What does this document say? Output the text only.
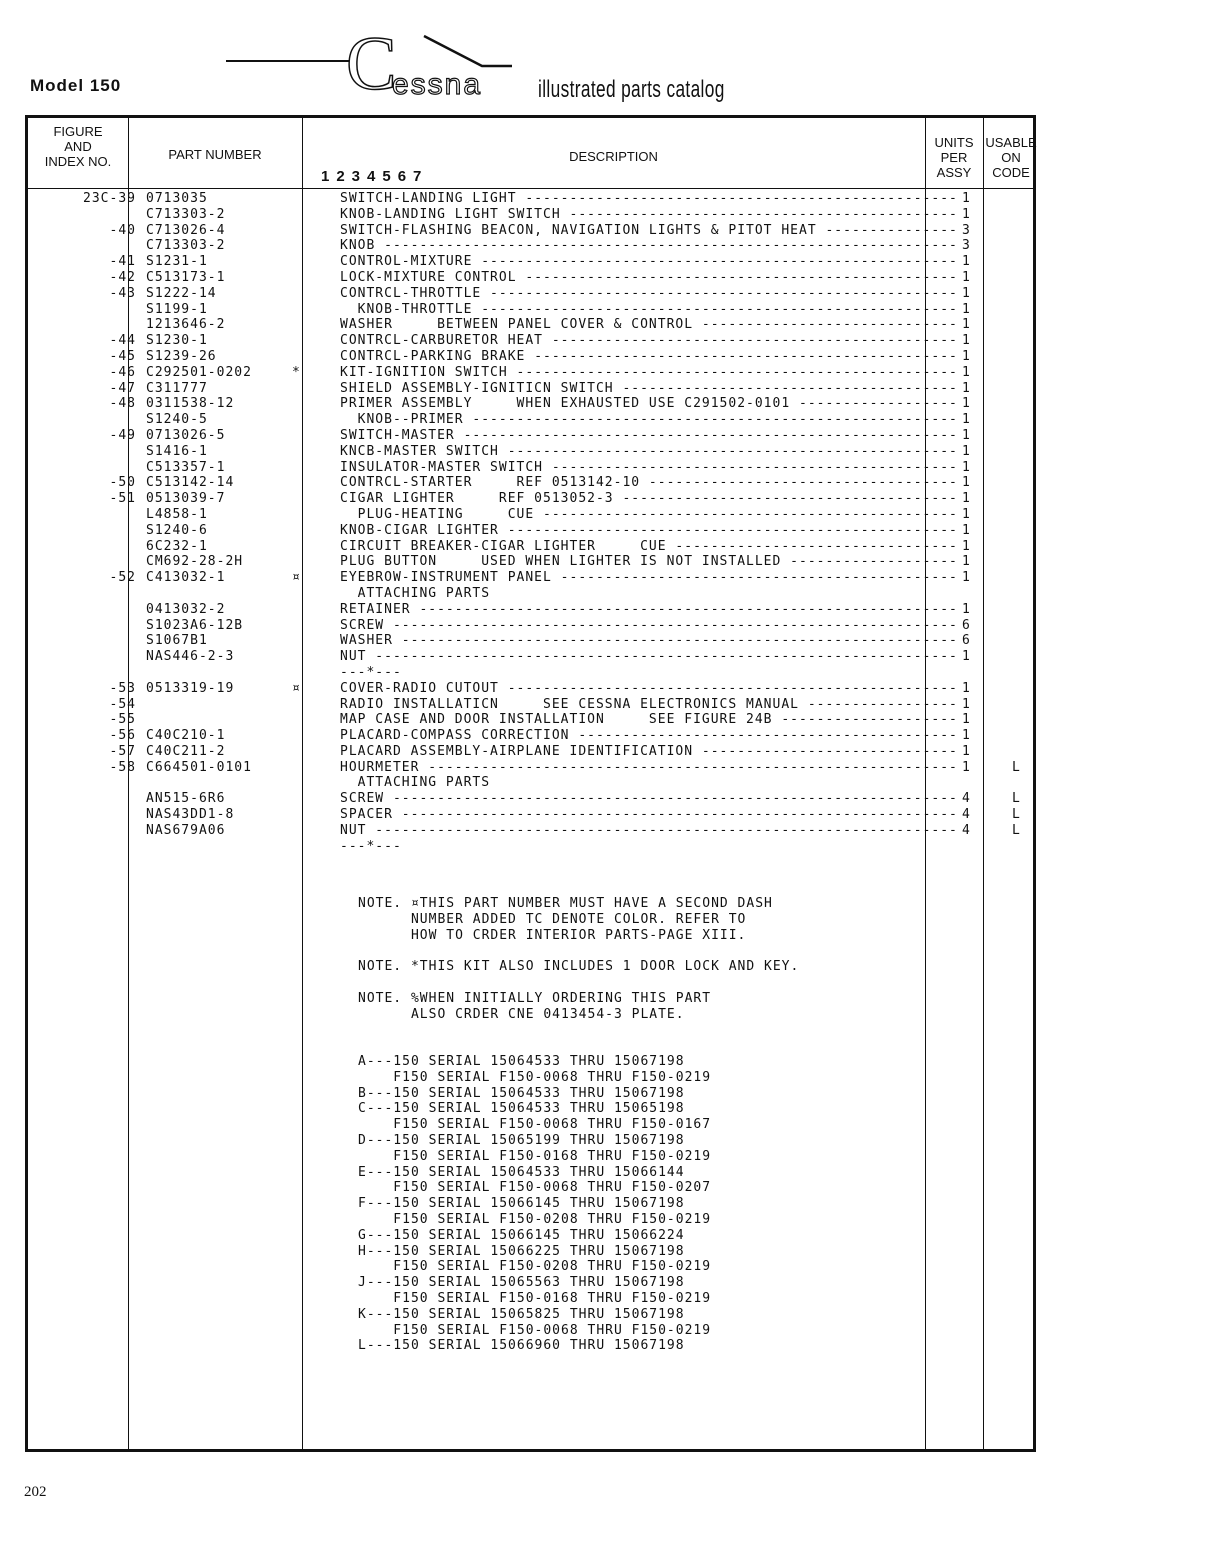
Model 150	C
essna illustrated parts catalog
FIGURE AND INDEX NO.	PART NUMBER	DESCRIPTION
1234567
UNITS PER ASSY
USABLE ON CODE
23C-39 0713035	SWITCH-LANDING LIGHT ------------------------------------------------- 1
C713303-2	KNOB-LANDING LIGHT SWITCH -------------------------------------------- 1
-40 C713026-4	SWITCH-FLASHING BEACON, NAVIGATION LIGHTS & PITOT HEAT --------------- 3
C713303-2	KNOB ----------------------------------------------------------------- 3
-41 S1231-1	CONTROL-MIXTURE ------------------------------------------------------ 1
-42 C513173-1	LOCK-MIXTURE CONTROL ------------------------------------------------- 1
-43 S1222-14	CONTRCL-THROTTLE ----------------------------------------------------- 1
S1199-1	KNOB-THROTTLE ------------------------------------------------------ 1
1213646-2	WASHER     BETWEEN PANEL COVER & CONTROL ----------------------------- 1
-44 S1230-1	CONTRCL-CARBURETOR HEAT ---------------------------------------------- 1
-45 S1239-26	CONTRCL-PARKING BRAKE ------------------------------------------------ 1
-46 C292501-0202	*	KIT-IGNITION SWITCH -------------------------------------------------- 1
-47 C311777	SHIELD ASSEMBLY-IGNITICN SWITCH -------------------------------------- 1
-48 0311538-12	PRIMER ASSEMBLY     WHEN EXHAUSTED USE C291502-0101 ------------------ 1
S1240-5	KNOB--PRIMER ------------------------------------------------------- 1
-49 0713026-5	SWITCH-MASTER -------------------------------------------------------- 1
S1416-1	KNCB-MASTER SWITCH --------------------------------------------------- 1
C513357-1	INSULATOR-MASTER SWITCH ---------------------------------------------- 1
-50 C513142-14	CONTRCL-STARTER     REF 0513142-10 ----------------------------------- 1
-51 0513039-7	CIGAR LIGHTER     REF 0513052-3 -------------------------------------- 1
L4858-1	PLUG-HEATING     CUE ----------------------------------------------- 1
S1240-6	KNOB-CIGAR LIGHTER --------------------------------------------------- 1
6C232-1	CIRCUIT BREAKER-CIGAR LIGHTER     CUE -------------------------------- 1
CM692-28-2H	PLUG BUTTON     USED WHEN LIGHTER IS NOT INSTALLED ------------------- 1
-52 C413032-1	¤	EYEBROW-INSTRUMENT PANEL --------------------------------------------- 1
ATTACHING PARTS
0413032-2	RETAINER ------------------------------------------------------------- 1
S1023A6-12B	SCREW ---------------------------------------------------------------- 6
S1067B1	WASHER --------------------------------------------------------------- 6
NAS446-2-3	NUT ------------------------------------------------------------------ 1
---*---
-53 0513319-19	¤	COVER-RADIO CUTOUT --------------------------------------------------- 1
-54	RADIO INSTALLATICN     SEE CESSNA ELECTRONICS MANUAL ----------------- 1
-55	MAP CASE AND DOOR INSTALLATION     SEE FIGURE 24B -------------------- 1
-56 C40C210-1	PLACARD-COMPASS CORRECTION ------------------------------------------- 1
-57 C40C211-2	PLACARD ASSEMBLY-AIRPLANE IDENTIFICATION ----------------------------- 1
-58 C664501-0101	HOURMETER ------------------------------------------------------------ 1	L
ATTACHING PARTS
AN515-6R6	SCREW ---------------------------------------------------------------- 4	L
NAS43DD1-8	SPACER --------------------------------------------------------------- 4	L
NAS679A06	NUT ------------------------------------------------------------------ 4	L
---*---
NOTE. ¤THIS PART NUMBER MUST HAVE A SECOND DASH
NUMBER ADDED TC DENOTE COLOR. REFER TO
HOW TO CRDER INTERIOR PARTS-PAGE XIII.
NOTE. *THIS KIT ALSO INCLUDES 1 DOOR LOCK AND KEY.
NOTE. %WHEN INITIALLY ORDERING THIS PART
ALSO CRDER CNE 0413454-3 PLATE.
A---150 SERIAL 15064533 THRU 15067198
F150 SERIAL F150-0068 THRU F150-0219
B---150 SERIAL 15064533 THRU 15067198
C---150 SERIAL 15064533 THRU 15065198
F150 SERIAL F150-0068 THRU F150-0167
D---150 SERIAL 15065199 THRU 15067198
F150 SERIAL F150-0168 THRU F150-0219
E---150 SERIAL 15064533 THRU 15066144
F150 SERIAL F150-0068 THRU F150-0207
F---150 SERIAL 15066145 THRU 15067198
F150 SERIAL F150-0208 THRU F150-0219
G---150 SERIAL 15066145 THRU 15066224
H---150 SERIAL 15066225 THRU 15067198
F150 SERIAL F150-0208 THRU F150-0219
J---150 SERIAL 15065563 THRU 15067198
F150 SERIAL F150-0168 THRU F150-0219
K---150 SERIAL 15065825 THRU 15067198
F150 SERIAL F150-0068 THRU F150-0219
L---150 SERIAL 15066960 THRU 15067198
202
